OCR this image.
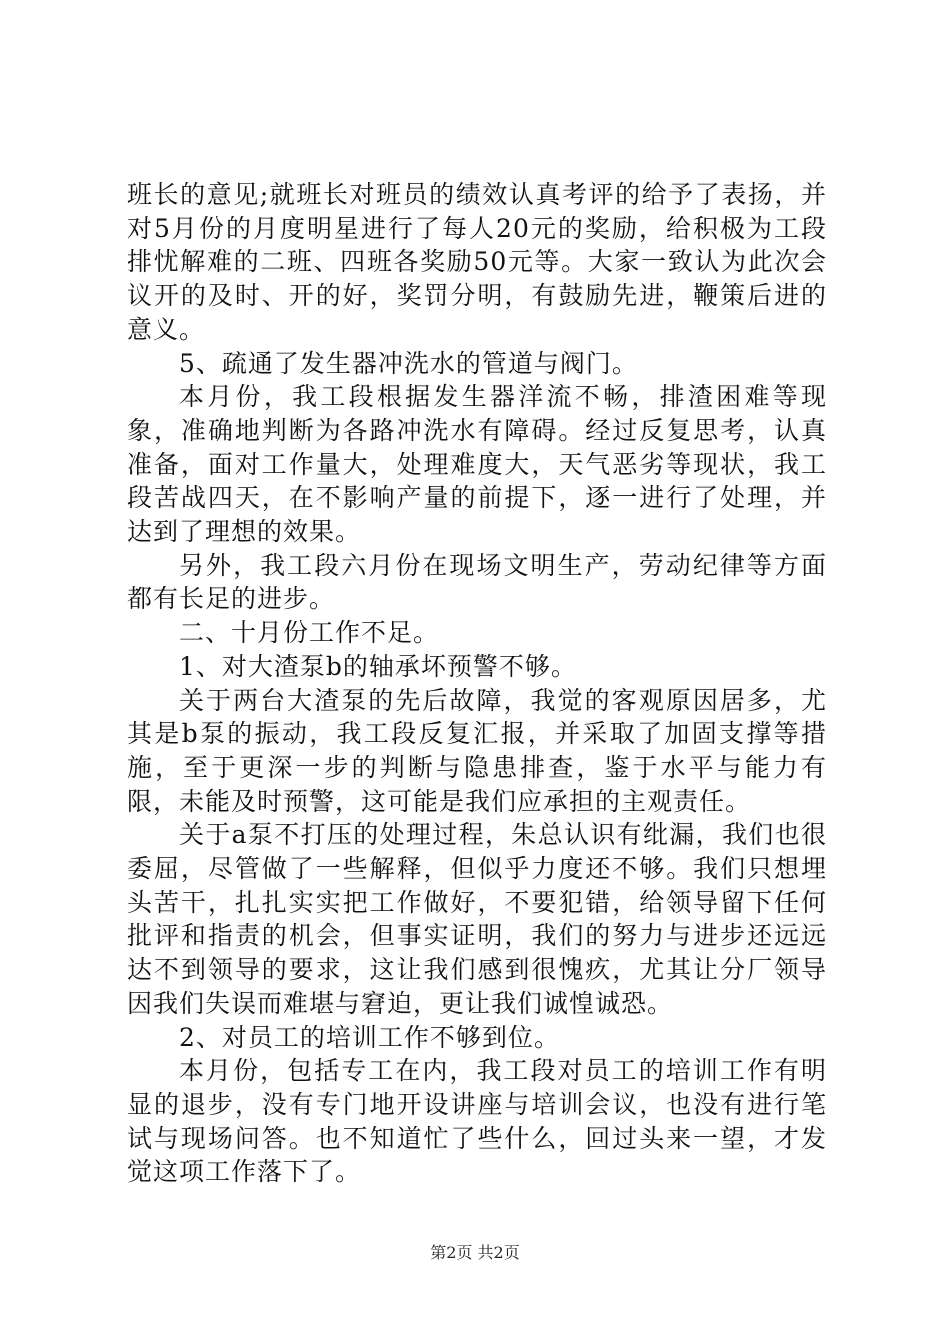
班长的意见;就班长对班员的绩效认真考评的给予了表扬，并对5月份的月度明星进行了每人20元的奖励，给积极为工段排忧解难的二班、四班各奖励50元等。大家一致认为此次会议开的及时、开的好，奖罚分明，有鼓励先进，鞭策后进的意义。

5、疏通了发生器冲洗水的管道与阀门。

本月份，我工段根据发生器洋流不畅，排渣困难等现象，准确地判断为各路冲洗水有障碍。经过反复思考，认真准备，面对工作量大，处理难度大，天气恶劣等现状，我工段苦战四天，在不影响产量的前提下，逐一进行了处理，并达到了理想的效果。

另外，我工段六月份在现场文明生产，劳动纪律等方面都有长足的进步。

二、十月份工作不足。

1、对大渣泵b的轴承坏预警不够。

关于两台大渣泵的先后故障，我觉的客观原因居多，尤其是b泵的振动，我工段反复汇报，并采取了加固支撑等措施，至于更深一步的判断与隐患排查，鉴于水平与能力有限，未能及时预警，这可能是我们应承担的主观责任。

关于a泵不打压的处理过程，朱总认识有纰漏，我们也很委屈，尽管做了一些解释，但似乎力度还不够。我们只想埋头苦干，扎扎实实把工作做好，不要犯错，给领导留下任何批评和指责的机会，但事实证明，我们的努力与进步还远远达不到领导的要求，这让我们感到很愧疚，尤其让分厂领导因我们失误而难堪与窘迫，更让我们诚惶诚恐。

2、对员工的培训工作不够到位。

本月份，包括专工在内，我工段对员工的培训工作有明显的退步，没有专门地开设讲座与培训会议，也没有进行笔试与现场问答。也不知道忙了些什么，回过头来一望，才发觉这项工作落下了。

第2页 共2页
